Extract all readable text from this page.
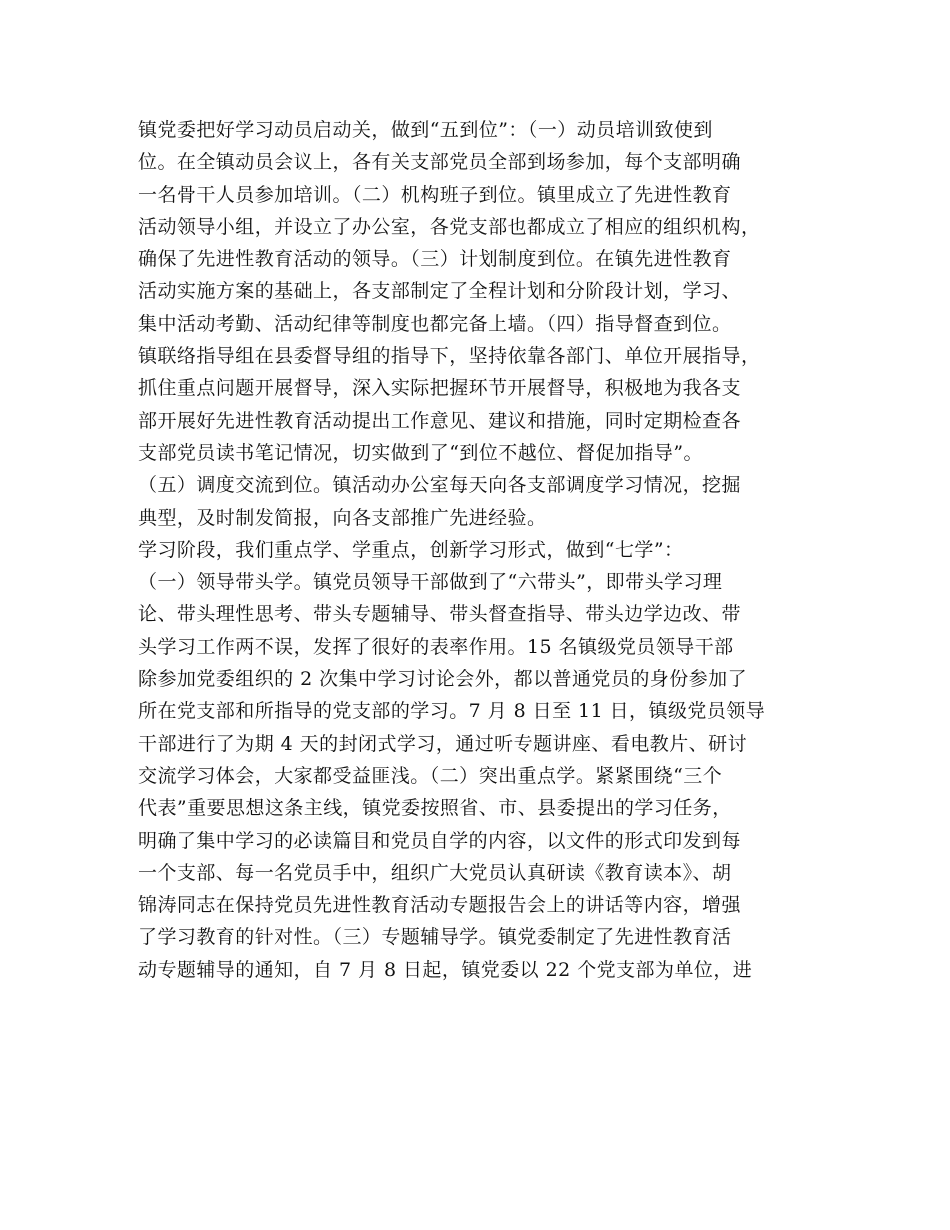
镇党委把好学习动员启动关，做到“五到位”：（一）动员培训致使到
位。在全镇动员会议上，各有关支部党员全部到场参加，每个支部明确
一名骨干人员参加培训。（二）机构班子到位。镇里成立了先进性教育
活动领导小组，并设立了办公室，各党支部也都成立了相应的组织机构，
确保了先进性教育活动的领导。（三）计划制度到位。在镇先进性教育
活动实施方案的基础上，各支部制定了全程计划和分阶段计划，学习、
集中活动考勤、活动纪律等制度也都完备上墙。（四）指导督查到位。
镇联络指导组在县委督导组的指导下，坚持依靠各部门、单位开展指导，
抓住重点问题开展督导，深入实际把握环节开展督导，积极地为我各支
部开展好先进性教育活动提出工作意见、建议和措施，同时定期检查各
支部党员读书笔记情况，切实做到了“到位不越位、督促加指导”。
（五）调度交流到位。镇活动办公室每天向各支部调度学习情况，挖掘
典型，及时制发简报，向各支部推广先进经验。
学习阶段，我们重点学、学重点，创新学习形式，做到“七学”：
（一）领导带头学。镇党员领导干部做到了“六带头”，即带头学习理
论、带头理性思考、带头专题辅导、带头督查指导、带头边学边改、带
头学习工作两不误，发挥了很好的表率作用。15 名镇级党员领导干部
除参加党委组织的 2 次集中学习讨论会外，都以普通党员的身份参加了
所在党支部和所指导的党支部的学习。7 月 8 日至 11 日，镇级党员领导
干部进行了为期 4 天的封闭式学习，通过听专题讲座、看电教片、研讨
交流学习体会，大家都受益匪浅。（二）突出重点学。紧紧围绕“三个
代表”重要思想这条主线，镇党委按照省、市、县委提出的学习任务，
明确了集中学习的必读篇目和党员自学的内容，以文件的形式印发到每
一个支部、每一名党员手中，组织广大党员认真研读《教育读本》、胡
锦涛同志在保持党员先进性教育活动专题报告会上的讲话等内容，增强
了学习教育的针对性。（三）专题辅导学。镇党委制定了先进性教育活
动专题辅导的通知，自 7 月 8 日起，镇党委以 22 个党支部为单位，进
